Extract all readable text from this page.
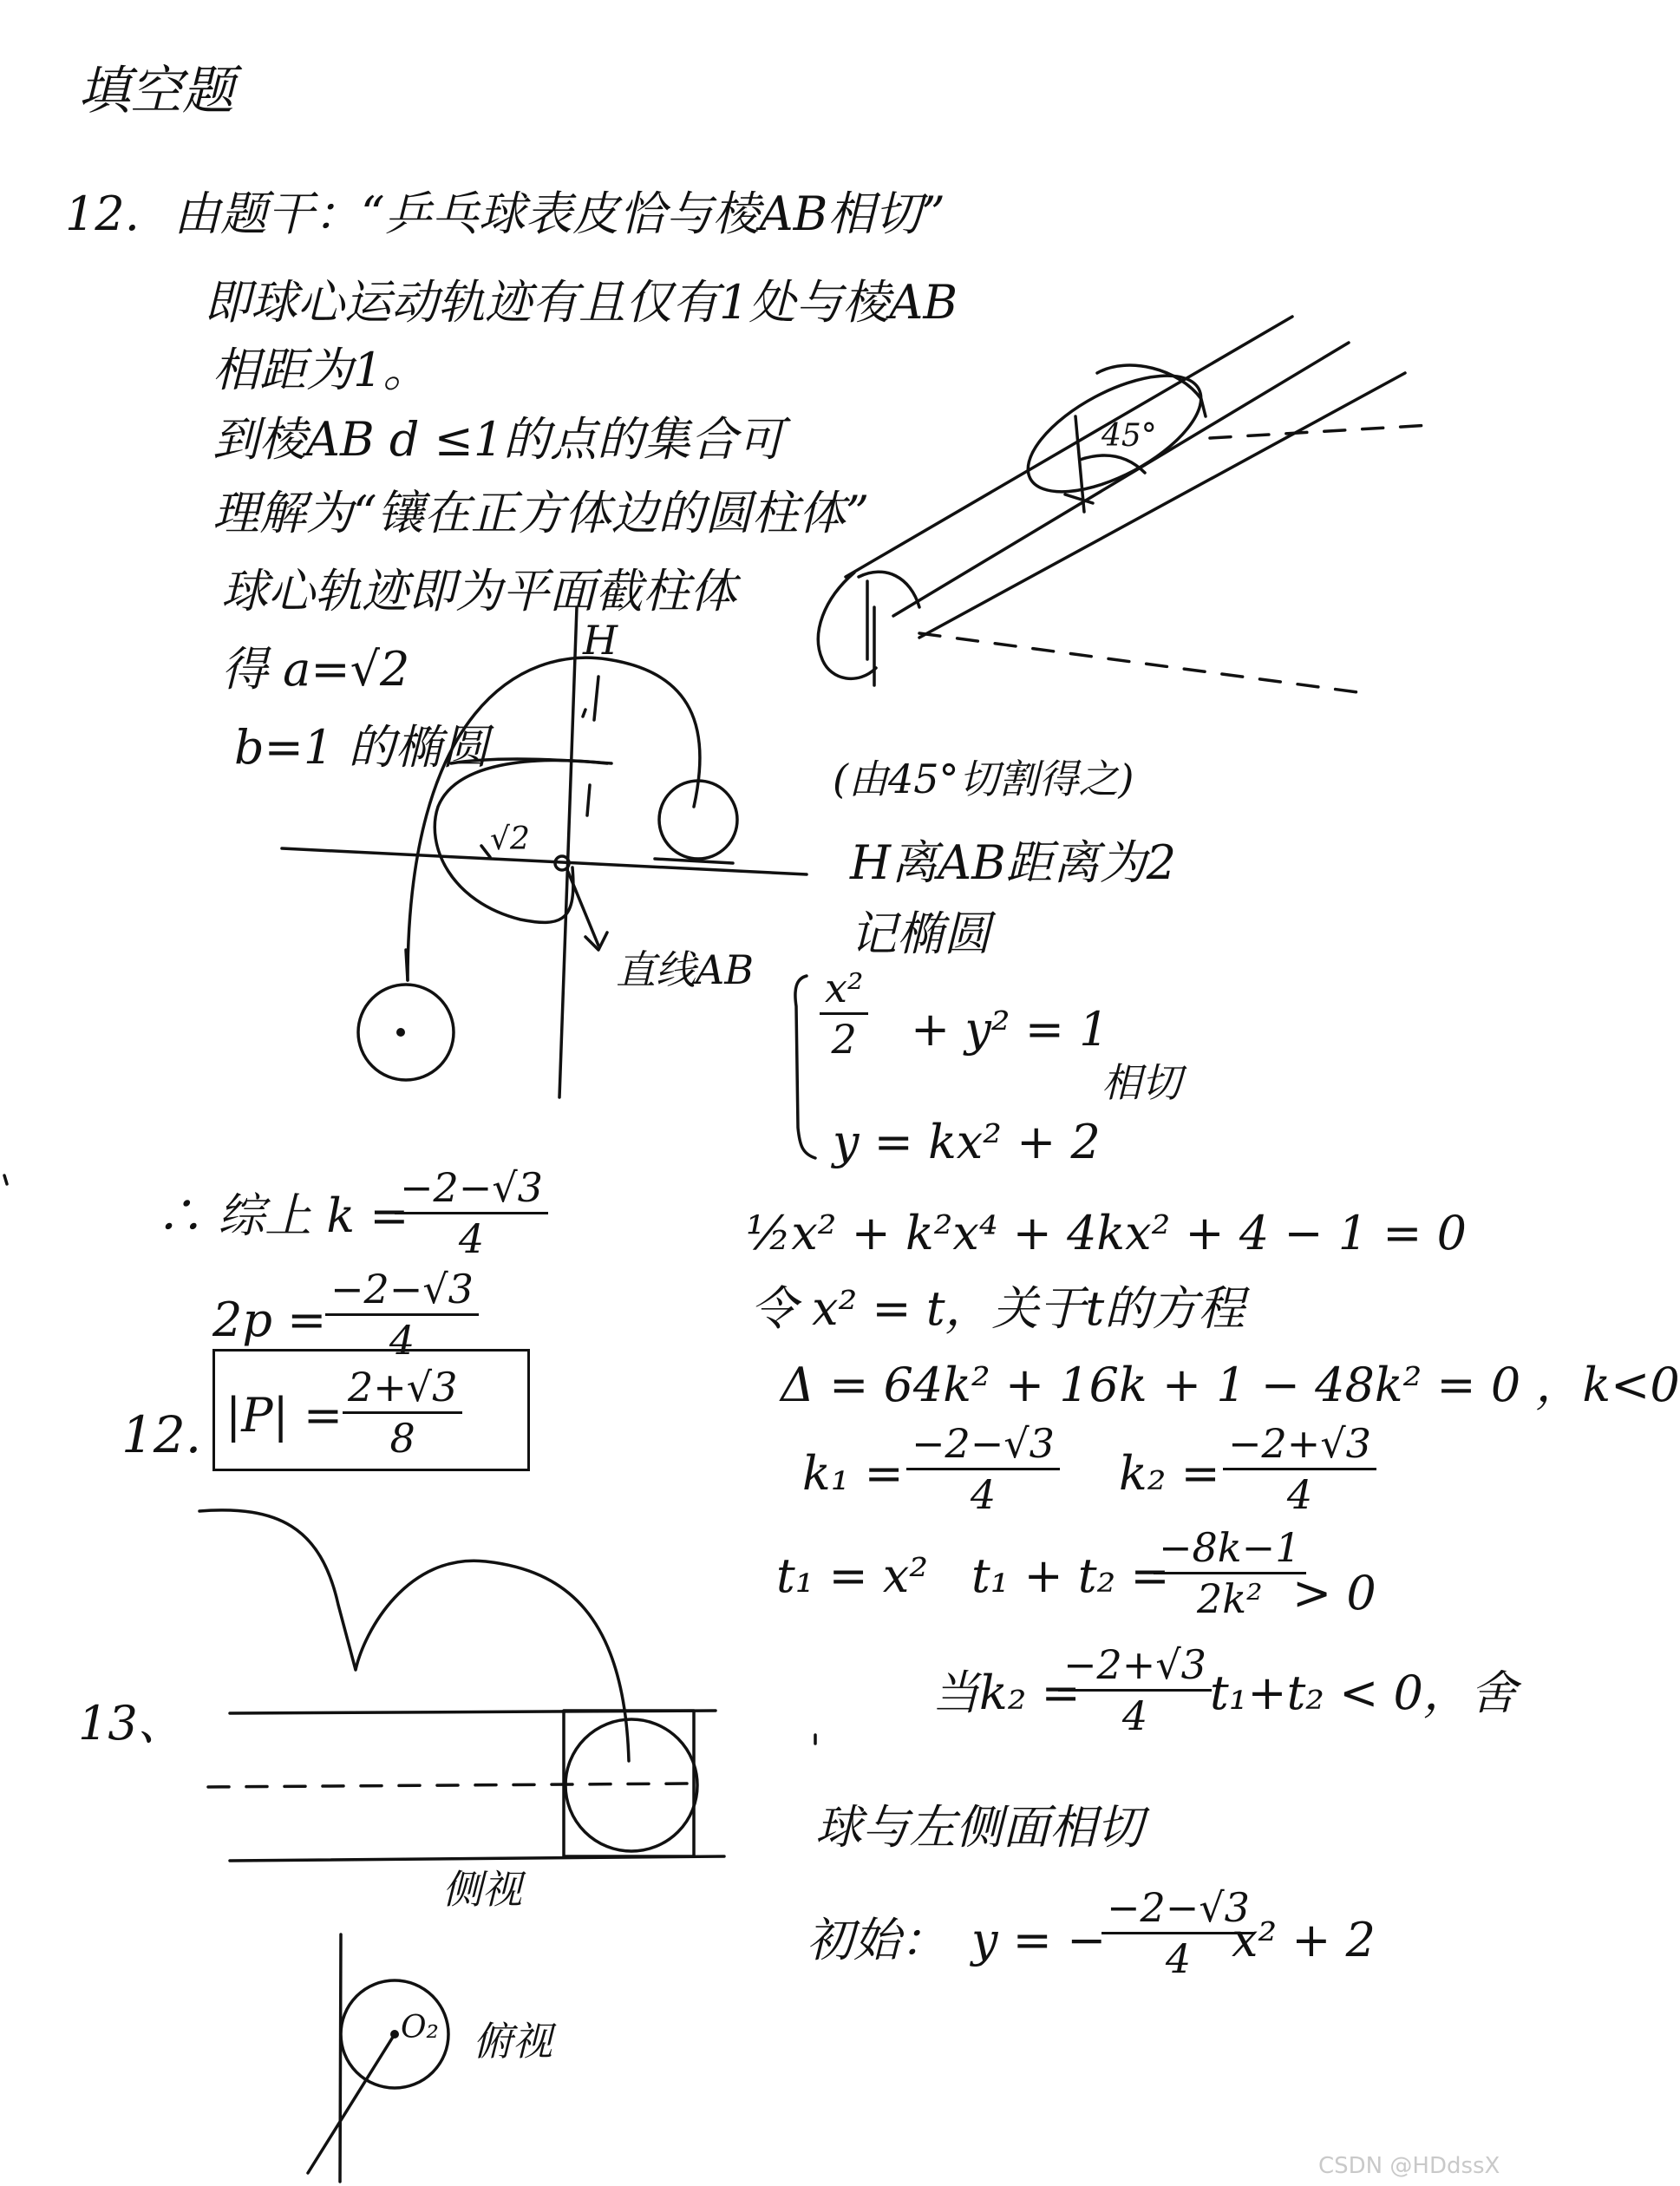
填空题
12. 由题干：“乒乓球表皮恰与棱AB相切”
即球心运动轨迹有且仅有1处与棱AB
相距为1。
到棱AB d ≤1的点的集合可
理解为“镶在正方体边的圆柱体”
球心轨迹即为平面截柱体
得 a=√2
b=1 的椭圆
H
√2
直线AB
45°
(由45°切割得之)
H离AB距离为2
记椭圆
$\frac{\text{x²}}{2} + y^2 = 1$
y = kx² + 2
相切
½x² + k²x⁴ + 4kx² + 4 − 1 = 0
令 x² = t，关于t的方程
Δ = 64k² + 16k + 1 − 48k² = 0 ，k<0
$k_1 = \frac{-2-√3}{4} k_2 = \frac{-2+√3}{4}$
t₁ = x² t₁ + t₂ =
$\frac{-8k-1}{\text{2k²}}$
> 0
当k₂ =
$\frac{-2+√3}{4}$
t₁+t₂ < 0，舍
∴ 综上 k =
$\frac{-2-√3}{4}$
2p =
$\frac{-2-√3}{4}$
12. $|P| = \frac{2+√3}{8}$
13、
侧视
O₂ 俯视
球与左侧面相切
初始： y = −
$\frac{-2-√3}{4}$
x² + 2
CSDN @HDdssX
